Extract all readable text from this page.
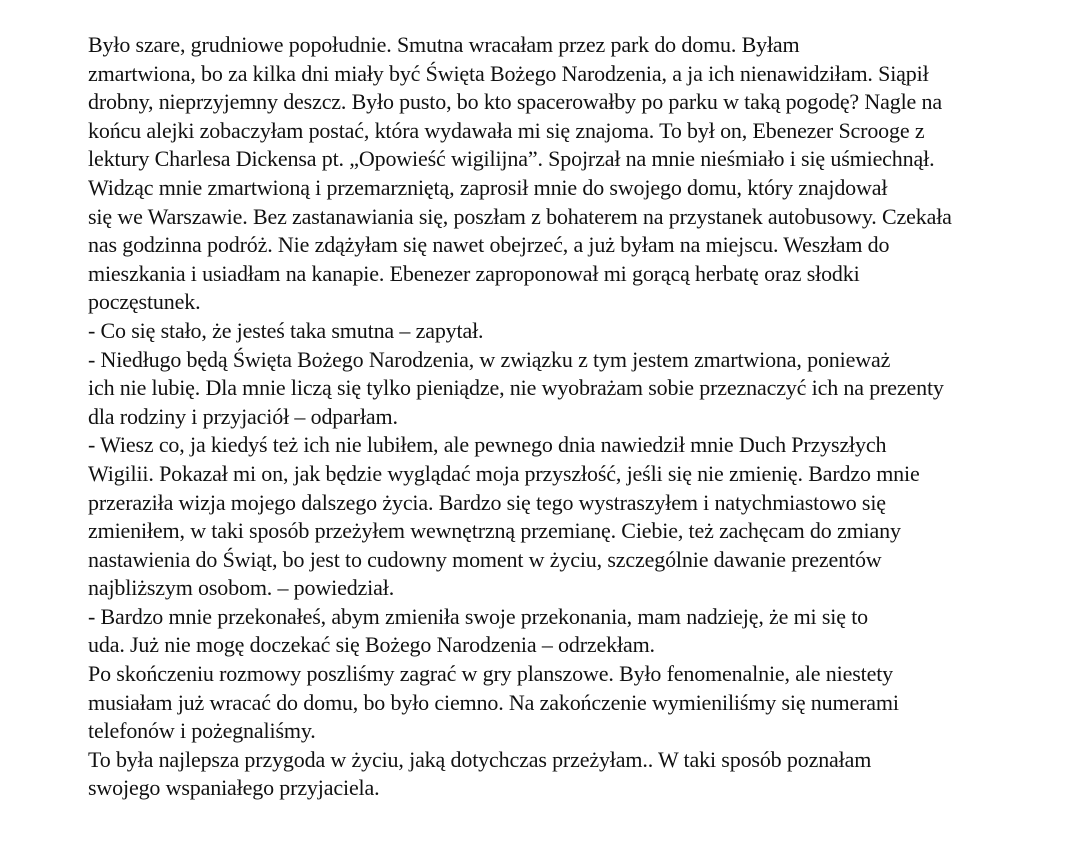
Było szare, grudniowe popołudnie. Smutna wracałam przez park do domu. Byłam
zmartwiona, bo za kilka dni miały być Święta Bożego Narodzenia, a ja ich nienawidziłam. Siąpił
drobny, nieprzyjemny deszcz. Było pusto, bo kto spacerowałby po parku w taką pogodę? Nagle na
końcu alejki zobaczyłam postać, która wydawała mi się znajoma. To był on, Ebenezer Scrooge z
lektury Charlesa Dickensa pt. „Opowieść wigilijna”. Spojrzał na mnie nieśmiało i się uśmiechnął.

Widząc mnie zmartwioną i przemarzniętą, zaprosił mnie do swojego domu, który znajdował
się we Warszawie. Bez zastanawiania się, poszłam z bohaterem na przystanek autobusowy. Czekała
nas godzinna podróż. Nie zdążyłam się nawet obejrzeć, a już byłam na miejscu. Weszłam do
mieszkania i usiadłam na kanapie. Ebenezer zaproponował mi gorącą herbatę oraz słodki
poczęstunek.

- Co się stało, że jesteś taka smutna – zapytał.

- Niedługo będą Święta Bożego Narodzenia, w związku z tym jestem zmartwiona, ponieważ
ich nie lubię. Dla mnie liczą się tylko pieniądze, nie wyobrażam sobie przeznaczyć ich na prezenty
dla rodziny i przyjaciół – odparłam.

- Wiesz co, ja kiedyś też ich nie lubiłem, ale pewnego dnia nawiedził mnie Duch Przyszłych
Wigilii. Pokazał mi on, jak będzie wyglądać moja przyszłość, jeśli się nie zmienię. Bardzo mnie
przeraziła wizja mojego dalszego życia. Bardzo się tego wystraszyłem i natychmiastowo się
zmieniłem, w taki sposób przeżyłem wewnętrzną przemianę. Ciebie, też zachęcam do zmiany
nastawienia do Świąt, bo jest to cudowny moment w życiu, szczególnie dawanie prezentów
najbliższym osobom. – powiedział.

- Bardzo mnie przekonałeś, abym zmieniła swoje przekonania, mam nadzieję, że mi się to
uda. Już nie mogę doczekać się Bożego Narodzenia – odrzekłam.

Po skończeniu rozmowy poszliśmy zagrać w gry planszowe. Było fenomenalnie, ale niestety
musiałam już wracać do domu, bo było ciemno. Na zakończenie wymieniliśmy się numerami
telefonów i pożegnaliśmy.

To była najlepsza przygoda w życiu, jaką dotychczas przeżyłam.. W taki sposób poznałam
swojego wspaniałego przyjaciela.
